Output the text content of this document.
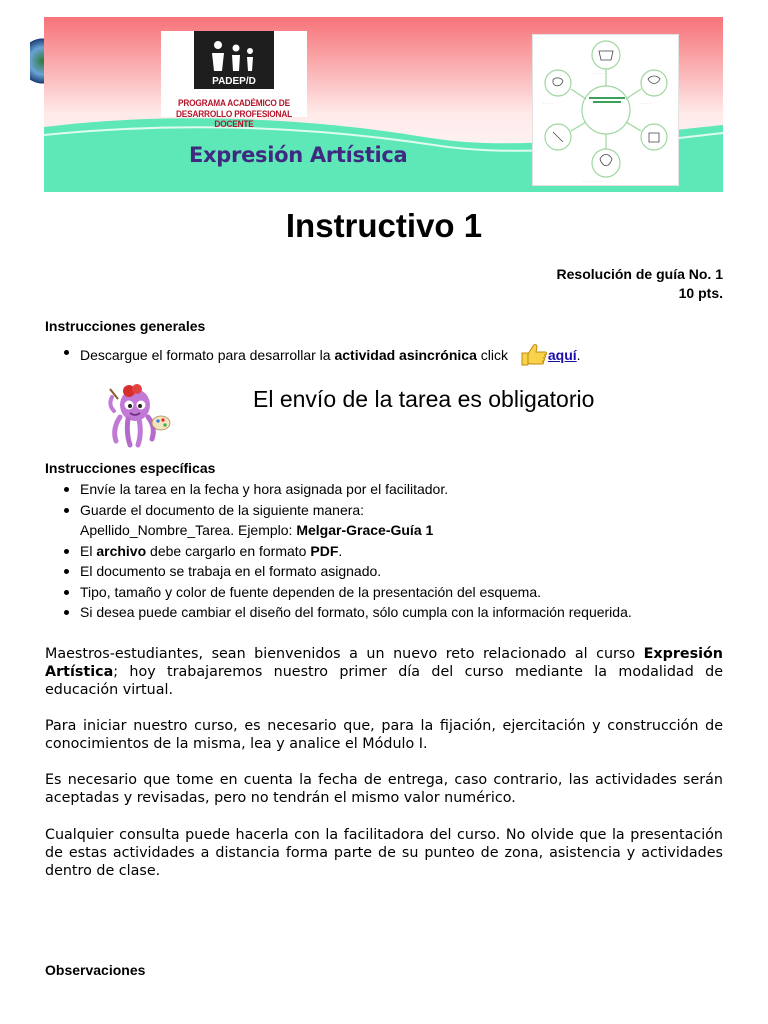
PADEP/D
PROGRAMA ACADÉMICO DE
DESARROLLO PROFESIONAL DOCENTE
Expresión Artística
· · · · · ·
· · · · ·	· · · · ·
· · · · · · · · · ·
Instructivo 1
Resolución de guía No. 1
10 pts.
Instrucciones generales
Descargue el formato para desarrollar la actividad asincrónica click	aquí.
El envío de la tarea es obligatorio
Instrucciones específicas
Envíe la tarea en la fecha y hora asignada por el facilitador.
Guarde el documento de la siguiente manera:
Apellido_Nombre_Tarea. Ejemplo: Melgar-Grace-Guía 1
El archivo debe cargarlo en formato PDF.
El documento se trabaja en el formato asignado.
Tipo, tamaño y color de fuente dependen de la presentación del esquema.
Si desea puede cambiar el diseño del formato, sólo cumpla con la información requerida.

Maestros-estudiantes, sean bienvenidos a un nuevo reto relacionado al curso Expresión Artística; hoy trabajaremos nuestro primer día del curso mediante la modalidad de educación virtual.

Para iniciar nuestro curso, es necesario que, para la fijación, ejercitación y construcción de conocimientos de la misma, lea y analice el Módulo I.

Es necesario que tome en cuenta la fecha de entrega, caso contrario, las actividades serán aceptadas y revisadas, pero no tendrán el mismo valor numérico.

Cualquier consulta puede hacerla con la facilitadora del curso. No olvide que la presentación de estas actividades a distancia forma parte de su punteo de zona, asistencia y actividades dentro de clase.

Observaciones
